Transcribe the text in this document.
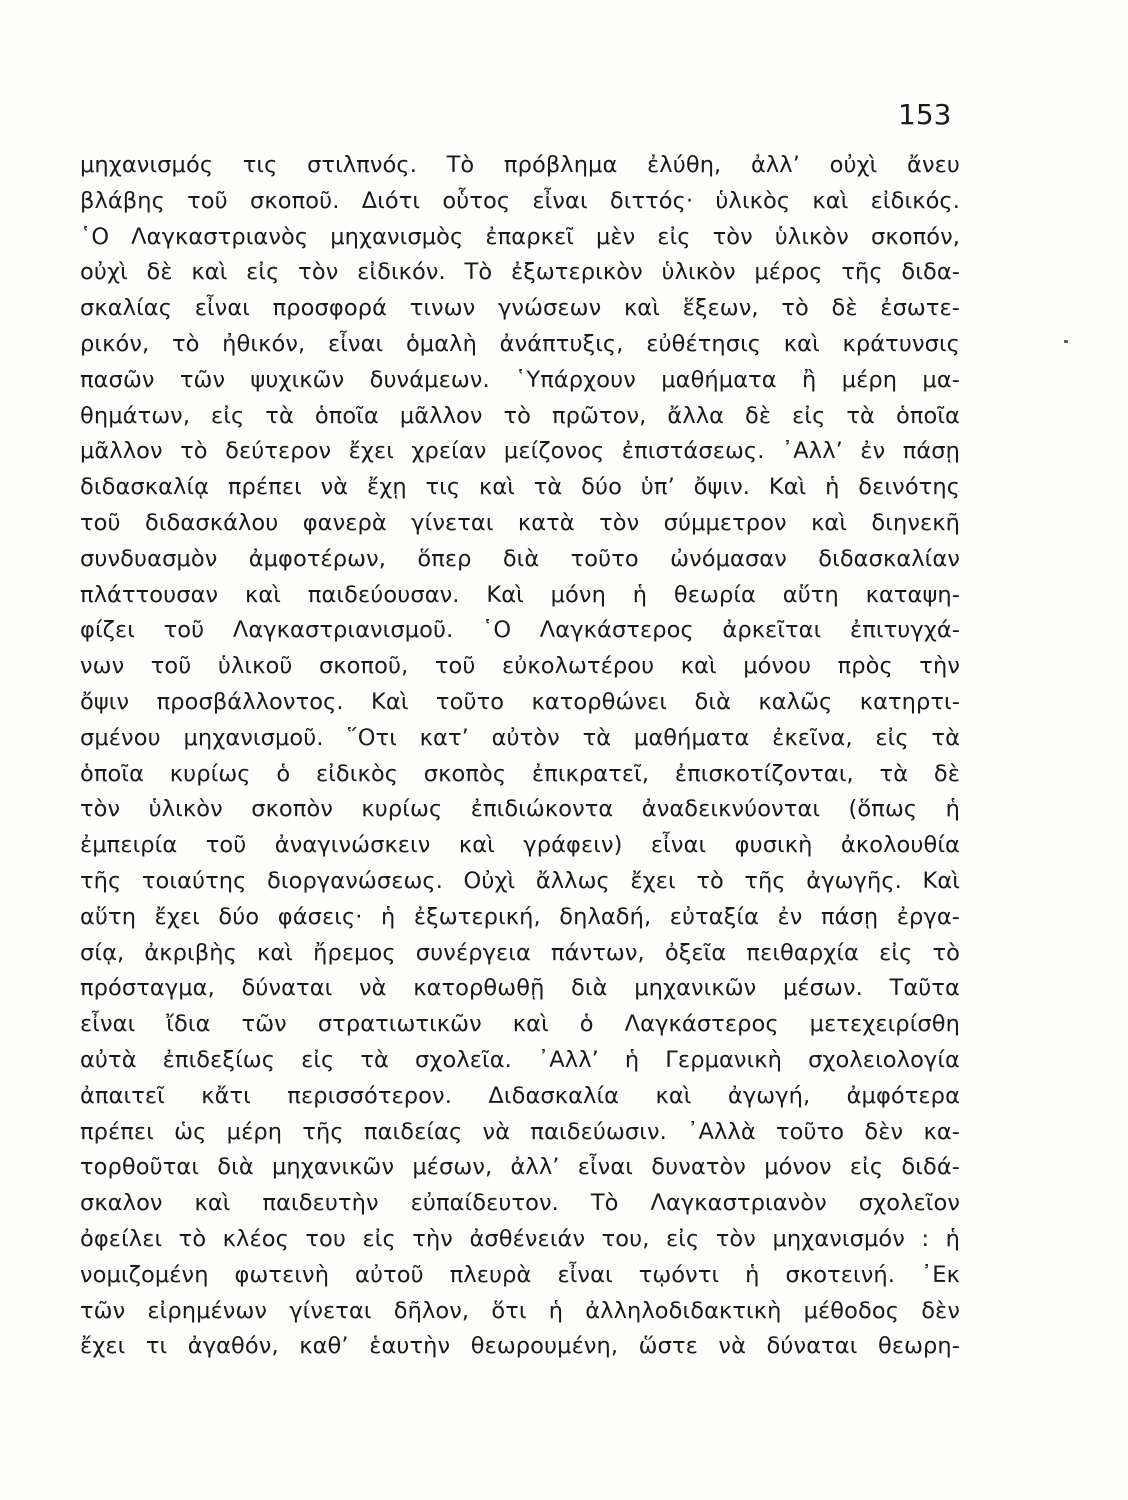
153
μηχανισμός τις στιλπνός. Τὸ πρόβλημα ἐλύθη, ἀλλ’ οὐχὶ ἄνευ
βλάβης τοῦ σκοποῦ. Διότι οὗτος εἶναι διττός· ὑλικὸς καὶ εἰδικός.
῾Ο Λαγκαστριανὸς μηχανισμὸς ἐπαρκεῖ μὲν εἰς τὸν ὑλικὸν σκοπόν,
οὐχὶ δὲ καὶ εἰς τὸν εἰδικόν. Τὸ ἐξωτερικὸν ὑλικὸν μέρος τῆς διδα-
σκαλίας εἶναι προσφορά τινων γνώσεων καὶ ἕξεων, τὸ δὲ ἐσωτε-
ρικόν, τὸ ἠθικόν, εἶναι ὁμαλὴ ἀνάπτυξις, εὐθέτησις καὶ κράτυνσις
πασῶν τῶν ψυχικῶν δυνάμεων. ῾Υπάρχουν μαθήματα ἢ μέρη μα-
θημάτων, εἰς τὰ ὁποῖα μᾶλλον τὸ πρῶτον, ἄλλα δὲ εἰς τὰ ὁποῖα
μᾶλλον τὸ δεύτερον ἔχει χρείαν μείζονος ἐπιστάσεως. ᾿Αλλ’ ἐν πάσῃ
διδασκαλίᾳ πρέπει νὰ ἔχῃ τις καὶ τὰ δύο ὑπ’ ὄψιν. Καὶ ἡ δεινότης
τοῦ διδασκάλου φανερὰ γίνεται κατὰ τὸν σύμμετρον καὶ διηνεκῆ
συνδυασμὸν ἀμφοτέρων, ὅπερ διὰ τοῦτο ὠνόμασαν διδασκαλίαν
πλάττουσαν καὶ παιδεύουσαν. Καὶ μόνη ἡ θεωρία αὕτη καταψη-
φίζει τοῦ Λαγκαστριανισμοῦ. ῾Ο Λαγκάστερος ἀρκεῖται ἐπιτυγχά-
νων τοῦ ὑλικοῦ σκοποῦ, τοῦ εὐκολωτέρου καὶ μόνου πρὸς τὴν
ὄψιν προσβάλλοντος. Καὶ τοῦτο κατορθώνει διὰ καλῶς κατηρτι-
σμένου μηχανισμοῦ. ῞Οτι κατ’ αὐτὸν τὰ μαθήματα ἐκεῖνα, εἰς τὰ
ὁποῖα κυρίως ὁ εἰδικὸς σκοπὸς ἐπικρατεῖ, ἐπισκοτίζονται, τὰ δὲ
τὸν ὑλικὸν σκοπὸν κυρίως ἐπιδιώκοντα ἀναδεικνύονται (ὅπως ἡ
ἐμπειρία τοῦ ἀναγινώσκειν καὶ γράφειν) εἶναι φυσικὴ ἀκολουθία
τῆς τοιαύτης διοργανώσεως. Οὐχὶ ἄλλως ἔχει τὸ τῆς ἀγωγῆς. Καὶ
αὕτη ἔχει δύο φάσεις· ἡ ἐξωτερική, δηλαδή, εὐταξία ἐν πάσῃ ἐργα-
σίᾳ, ἀκριβὴς καὶ ἤρεμος συνέργεια πάντων, ὀξεῖα πειθαρχία εἰς τὸ
πρόσταγμα, δύναται νὰ κατορθωθῇ διὰ μηχανικῶν μέσων. Ταῦτα
εἶναι ἴδια τῶν στρατιωτικῶν καὶ ὁ Λαγκάστερος μετεχειρίσθη
αὐτὰ ἐπιδεξίως εἰς τὰ σχολεῖα. ᾿Αλλ’ ἡ Γερμανικὴ σχολειολογία
ἀπαιτεῖ κἄτι περισσότερον. Διδασκαλία καὶ ἀγωγή, ἀμφότερα
πρέπει ὡς μέρη τῆς παιδείας νὰ παιδεύωσιν. ᾿Αλλὰ τοῦτο δὲν κα-
τορθοῦται διὰ μηχανικῶν μέσων, ἀλλ’ εἶναι δυνατὸν μόνον εἰς διδά-
σκαλον καὶ παιδευτὴν εὐπαίδευτον. Τὸ Λαγκαστριανὸν σχολεῖον
ὀφείλει τὸ κλέος του εἰς τὴν ἀσθένειάν του, εἰς τὸν μηχανισμόν : ἡ
νομιζομένη φωτεινὴ αὐτοῦ πλευρὰ εἶναι τῳόντι ἡ σκοτεινή. ᾿Εκ
τῶν εἰρημένων γίνεται δῆλον, ὅτι ἡ ἀλληλοδιδακτικὴ μέθοδος δὲν
ἔχει τι ἀγαθόν, καθ’ ἑαυτὴν θεωρουμένη, ὥστε νὰ δύναται θεωρη-
